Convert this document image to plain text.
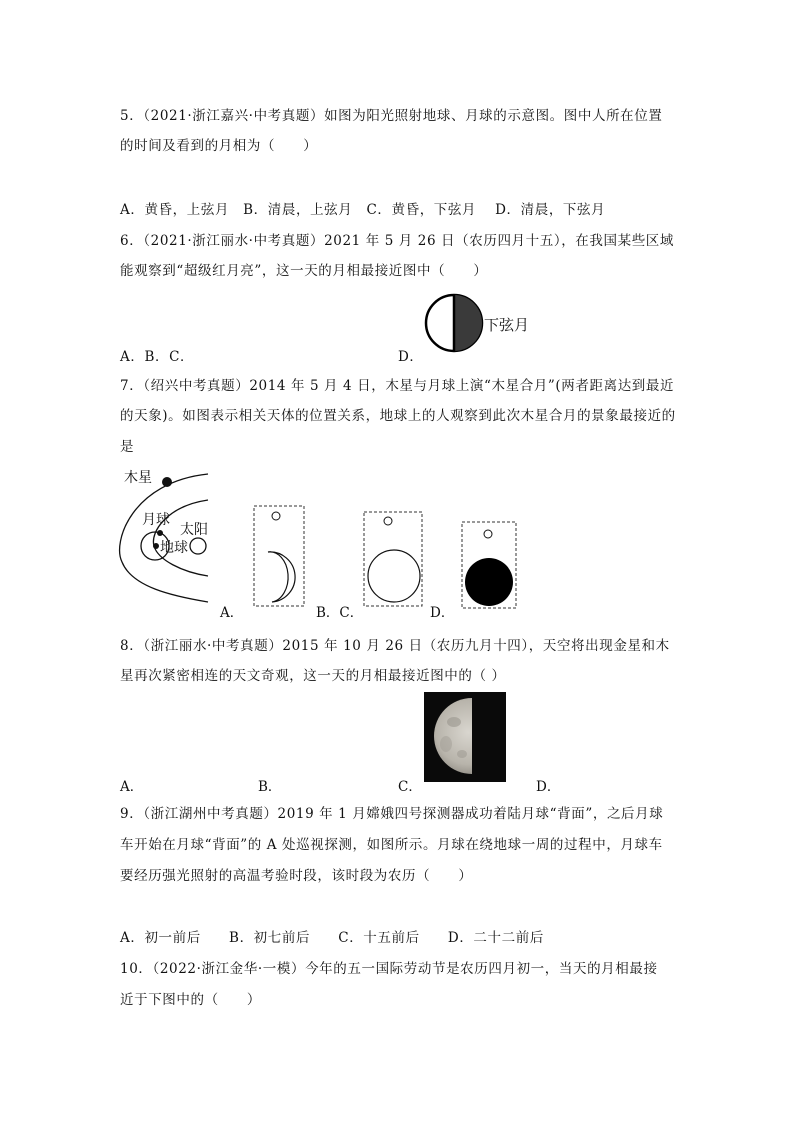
5．（2021·浙江嘉兴·中考真题）如图为阳光照射地球、月球的示意图。图中人所在位置
的时间及看到的月相为（　　）
A．黄昏，上弦月　B．清晨，上弦月　C．黄昏，下弦月　 D．清晨，下弦月
6．（2021·浙江丽水·中考真题）2021 年 5 月 26 日（农历四月十五），在我国某些区域
能观察到“超级红月亮”，这一天的月相最接近图中（　　）
下弦月
A．B．C．	D．
7．（绍兴中考真题）2014 年 5 月 4 日，木星与月球上演“木星合月”(两者距离达到最近
的天象)。如图表示相关天体的位置关系，地球上的人观察到此次木星合月的景象最接近的
是
木星
月球
太阳
地球
A．	B．C．	D．
8．（浙江丽水·中考真题）2015 年 10 月 26 日（农历九月十四），天空将出现金星和木
星再次紧密相连的天文奇观，这一天的月相最接近图中的（ ）
A．	B．	C．	D．
9．（浙江湖州中考真题）2019 年 1 月嫦娥四号探测器成功着陆月球“背面”，之后月球
车开始在月球“背面”的 A 处巡视探测，如图所示。月球在绕地球一周的过程中，月球车
要经历强光照射的高温考验时段，该时段为农历（　　）
A．初一前后　　B．初七前后　　C．十五前后　　D．二十二前后
10．（2022·浙江金华·一模）今年的五一国际劳动节是农历四月初一，当天的月相最接
近于下图中的（　　）
